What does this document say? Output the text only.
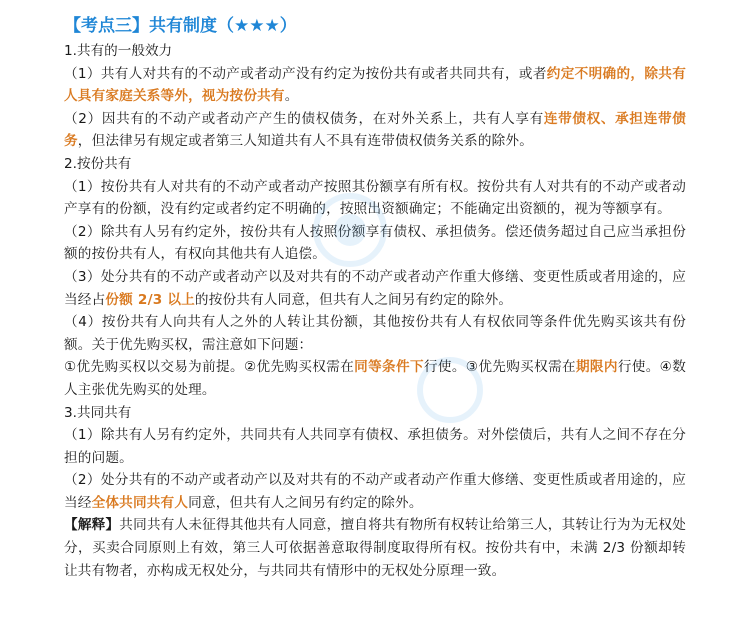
【考点三】共有制度（★★★）

1.共有的一般效力

（1）共有人对共有的不动产或者动产没有约定为按份共有或者共同共有，或者约定不明确的，除共有人具有家庭关系等外，视为按份共有。

（2）因共有的不动产或者动产产生的债权债务，在对外关系上，共有人享有连带债权、承担连带债务，但法律另有规定或者第三人知道共有人不具有连带债权债务关系的除外。

2.按份共有

（1）按份共有人对共有的不动产或者动产按照其份额享有所有权。按份共有人对共有的不动产或者动产享有的份额，没有约定或者约定不明确的，按照出资额确定；不能确定出资额的，视为等额享有。

（2）除共有人另有约定外，按份共有人按照份额享有债权、承担债务。偿还债务超过自己应当承担份额的按份共有人，有权向其他共有人追偿。

（3）处分共有的不动产或者动产以及对共有的不动产或者动产作重大修缮、变更性质或者用途的，应当经占份额 2/3 以上的按份共有人同意，但共有人之间另有约定的除外。

（4）按份共有人向共有人之外的人转让其份额，其他按份共有人有权依同等条件优先购买该共有份额。关于优先购买权，需注意如下问题：

①优先购买权以交易为前提。②优先购买权需在同等条件下行使。③优先购买权需在期限内行使。④数人主张优先购买的处理。

3.共同共有

（1）除共有人另有约定外，共同共有人共同享有债权、承担债务。对外偿债后，共有人之间不存在分担的问题。

（2）处分共有的不动产或者动产以及对共有的不动产或者动产作重大修缮、变更性质或者用途的，应当经全体共同共有人同意，但共有人之间另有约定的除外。

【解释】共同共有人未征得其他共有人同意，擅自将共有物所有权转让给第三人，其转让行为为无权处分，买卖合同原则上有效，第三人可依据善意取得制度取得所有权。按份共有中，未满 2/3 份额却转让共有物者，亦构成无权处分，与共同共有情形中的无权处分原理一致。
